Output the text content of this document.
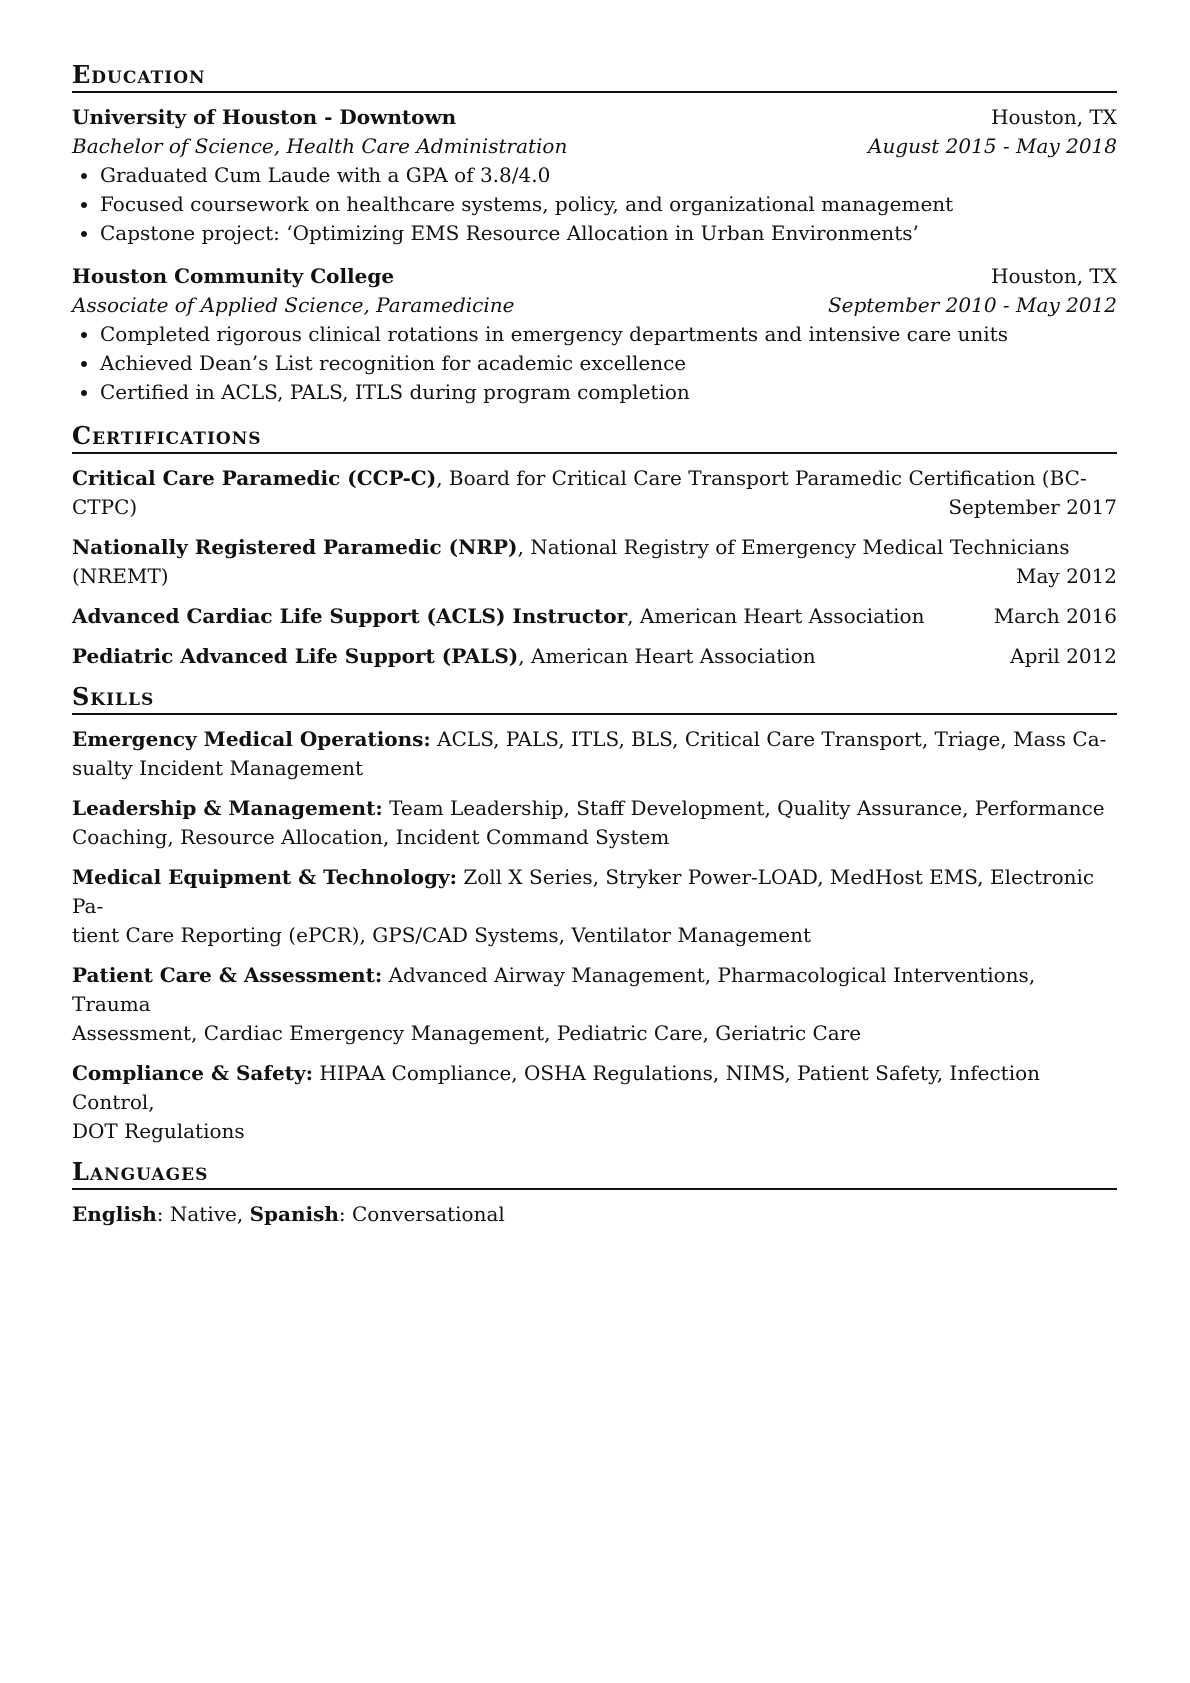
Education
University of Houston - Downtown	Houston, TX
Bachelor of Science, Health Care Administration	August 2015 - May 2018
• Graduated Cum Laude with a GPA of 3.8/4.0
• Focused coursework on healthcare systems, policy, and organizational management
• Capstone project: ‘Optimizing EMS Resource Allocation in Urban Environments’
Houston Community College	Houston, TX
Associate of Applied Science, Paramedicine	September 2010 - May 2012
• Completed rigorous clinical rotations in emergency departments and intensive care units
• Achieved Dean’s List recognition for academic excellence
• Certified in ACLS, PALS, ITLS during program completion
Certifications
Critical Care Paramedic (CCP-C), Board for Critical Care Transport Paramedic Certification (BC-
CTPC)	September 2017
Nationally Registered Paramedic (NRP), National Registry of Emergency Medical Technicians
(NREMT)	May 2012
Advanced Cardiac Life Support (ACLS) Instructor, American Heart Association	March 2016
Pediatric Advanced Life Support (PALS), American Heart Association	April 2012
Skills
Emergency Medical Operations: ACLS, PALS, ITLS, BLS, Critical Care Transport, Triage, Mass Ca-
sualty Incident Management
Leadership & Management: Team Leadership, Staff Development, Quality Assurance, Performance
Coaching, Resource Allocation, Incident Command System
Medical Equipment & Technology: Zoll X Series, Stryker Power-LOAD, MedHost EMS, Electronic Pa-
tient Care Reporting (ePCR), GPS/CAD Systems, Ventilator Management
Patient Care & Assessment: Advanced Airway Management, Pharmacological Interventions, Trauma
Assessment, Cardiac Emergency Management, Pediatric Care, Geriatric Care
Compliance & Safety: HIPAA Compliance, OSHA Regulations, NIMS, Patient Safety, Infection Control,
DOT Regulations
Languages
English: Native, Spanish: Conversational
